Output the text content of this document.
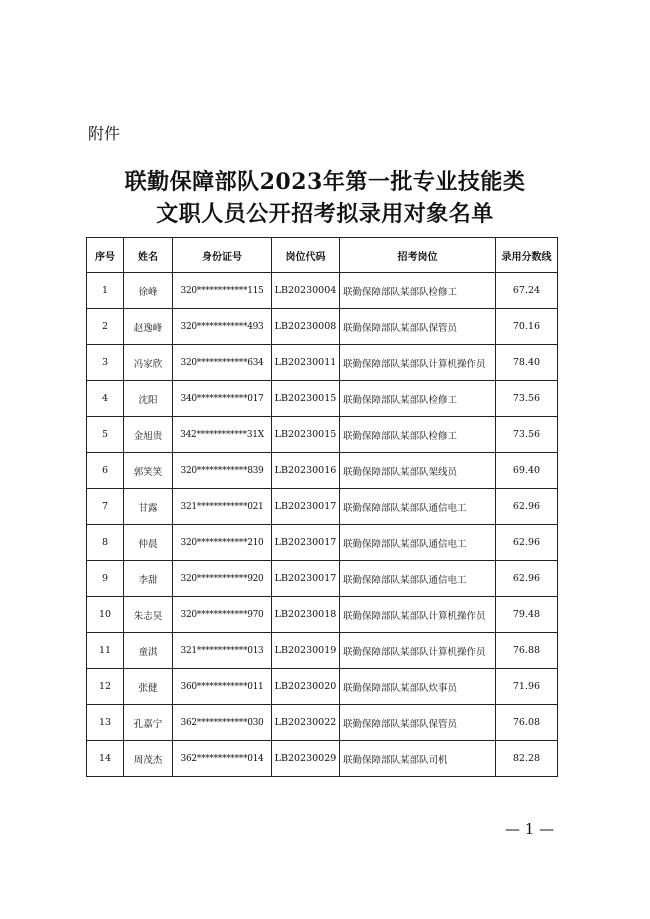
附件
联勤保障部队2023年第一批专业技能类
文职人员公开招考拟录用对象名单
序号	姓名	身份证号	岗位代码	招考岗位	录用分数线
1	徐峰	320************115	LB20230004	联勤保障部队某部队检修工	67.24
2	赵逸峰	320************493	LB20230008	联勤保障部队某部队保管员	70.16
3	冯家欣	320************634	LB20230011	联勤保障部队某部队计算机操作员	78.40
4	沈阳	340************017	LB20230015	联勤保障部队某部队检修工	73.56
5	金旭贵	342************31X	LB20230015	联勤保障部队某部队检修工	73.56
6	郭笑笑	320************839	LB20230016	联勤保障部队某部队架线员	69.40
7	甘露	321************021	LB20230017	联勤保障部队某部队通信电工	62.96
8	仲晨	320************210	LB20230017	联勤保障部队某部队通信电工	62.96
9	李甜	320************920	LB20230017	联勤保障部队某部队通信电工	62.96
10	朱志昊	320************970	LB20230018	联勤保障部队某部队计算机操作员	79.48
11	童淇	321************013	LB20230019	联勤保障部队某部队计算机操作员	76.88
12	张健	360************011	LB20230020	联勤保障部队某部队炊事员	71.96
13	孔嘉宁	362************030	LB20230022	联勤保障部队某部队保管员	76.08
14	周茂杰	362************014	LB20230029	联勤保障部队某部队司机	82.28
— 1 —
